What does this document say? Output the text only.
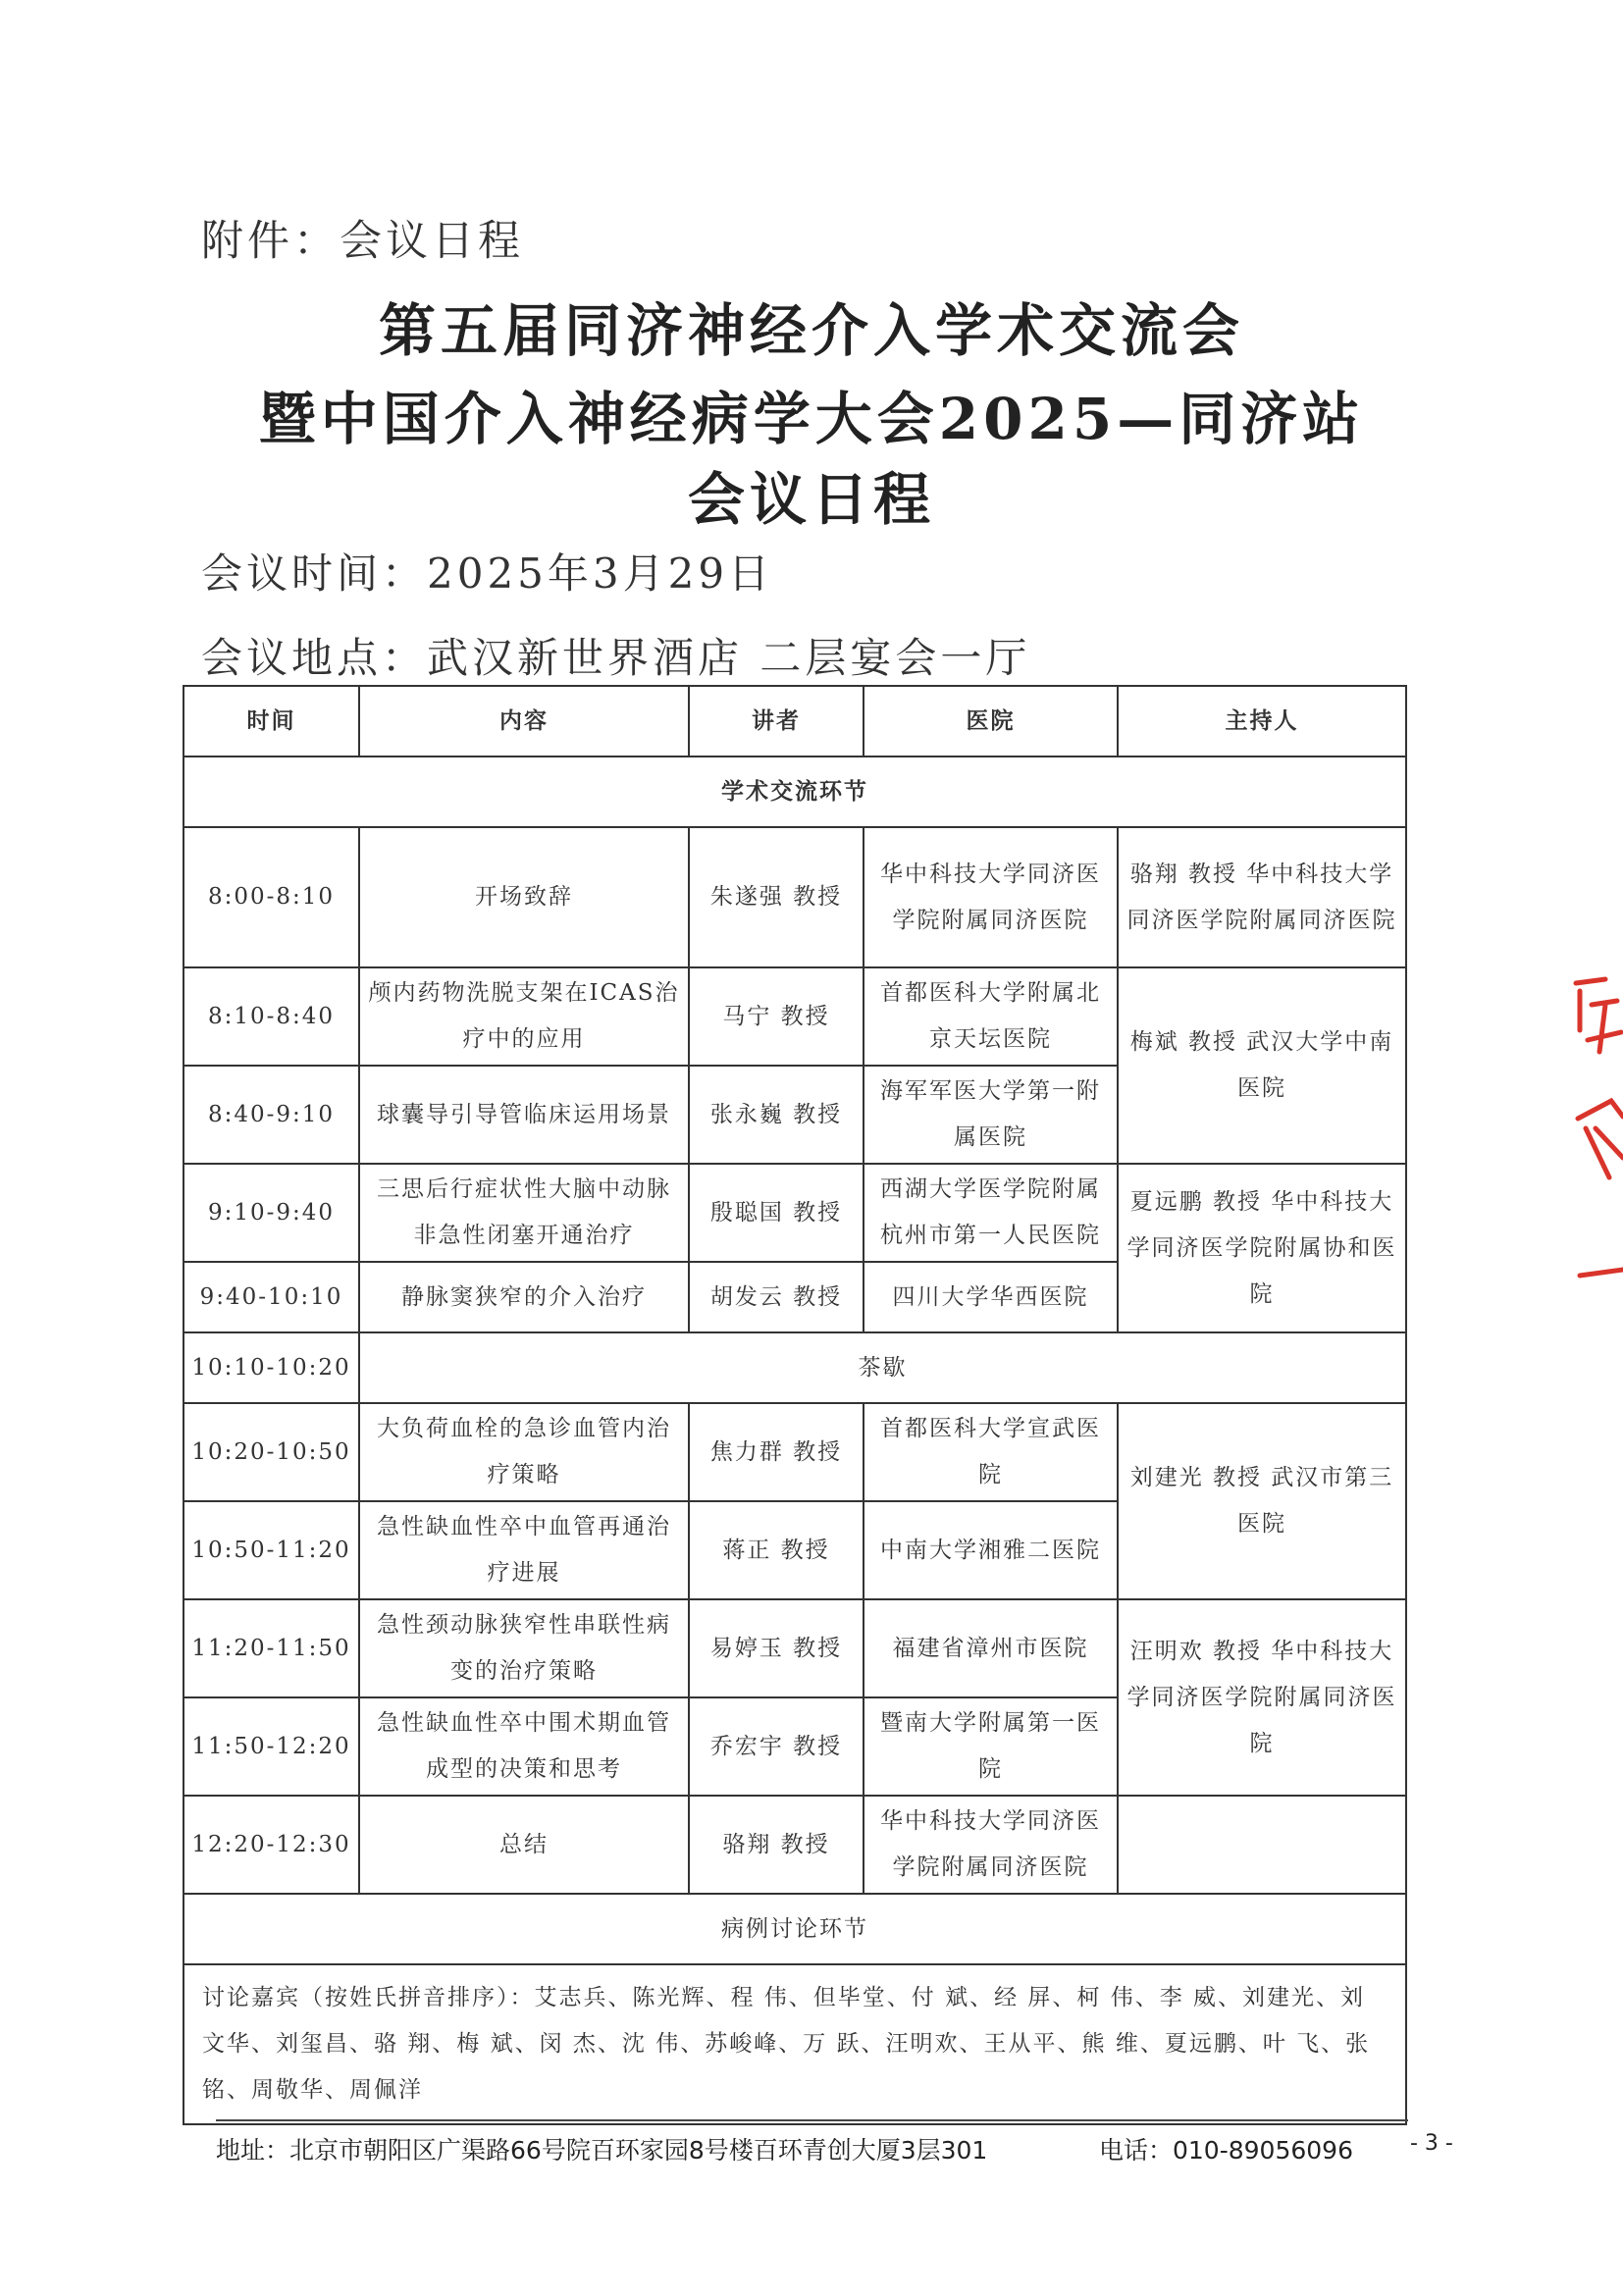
附件：会议日程
第五届同济神经介入学术交流会
暨中国介入神经病学大会2025—同济站
会议日程
会议时间：2025年3月29日
会议地点：武汉新世界酒店 二层宴会一厅
时间	内容	讲者	医院	主持人
学术交流环节				
8:00-8:10	开场致辞	朱遂强 教授	华中科技大学同济医学院附属同济医院	骆翔 教授 华中科技大学同济医学院附属同济医院
8:10-8:40	颅内药物洗脱支架在ICAS治疗中的应用	马宁 教授	首都医科大学附属北京天坛医院	梅斌 教授 武汉大学中南医院
8:40-9:10	球囊导引导管临床运用场景	张永巍 教授	海军军医大学第一附属医院	
9:10-9:40	三思后行症状性大脑中动脉非急性闭塞开通治疗	殷聪国 教授	西湖大学医学院附属杭州市第一人民医院	夏远鹏 教授 华中科技大学同济医学院附属协和医院
9:40-10:10	静脉窦狭窄的介入治疗	胡发云 教授	四川大学华西医院	
10:10-10:20	茶歇			
10:20-10:50	大负荷血栓的急诊血管内治疗策略	焦力群 教授	首都医科大学宣武医院	刘建光 教授 武汉市第三医院
10:50-11:20	急性缺血性卒中血管再通治疗进展	蒋正 教授	中南大学湘雅二医院	
11:20-11:50	急性颈动脉狭窄性串联性病变的治疗策略	易婷玉 教授	福建省漳州市医院	汪明欢 教授 华中科技大学同济医学院附属同济医院
11:50-12:20	急性缺血性卒中围术期血管成型的决策和思考	乔宏宇 教授	暨南大学附属第一医院	
12:20-12:30	总结	骆翔 教授	华中科技大学同济医学院附属同济医院	
病例讨论环节				
讨论嘉宾（按姓氏拼音排序）：艾志兵、陈光辉、程 伟、但毕堂、付 斌、经 屏、柯 伟、李 威、刘建光、刘文华、刘玺昌、骆 翔、梅 斌、闵 杰、沈 伟、苏峻峰、万 跃、汪明欢、王从平、熊 维、夏远鹏、叶 飞、张 铭、周敬华、周佩洋				
地址：北京市朝阳区广渠路66号院百环家园8号楼百环青创大厦3层301	电话：010-89056096	- 3 -
